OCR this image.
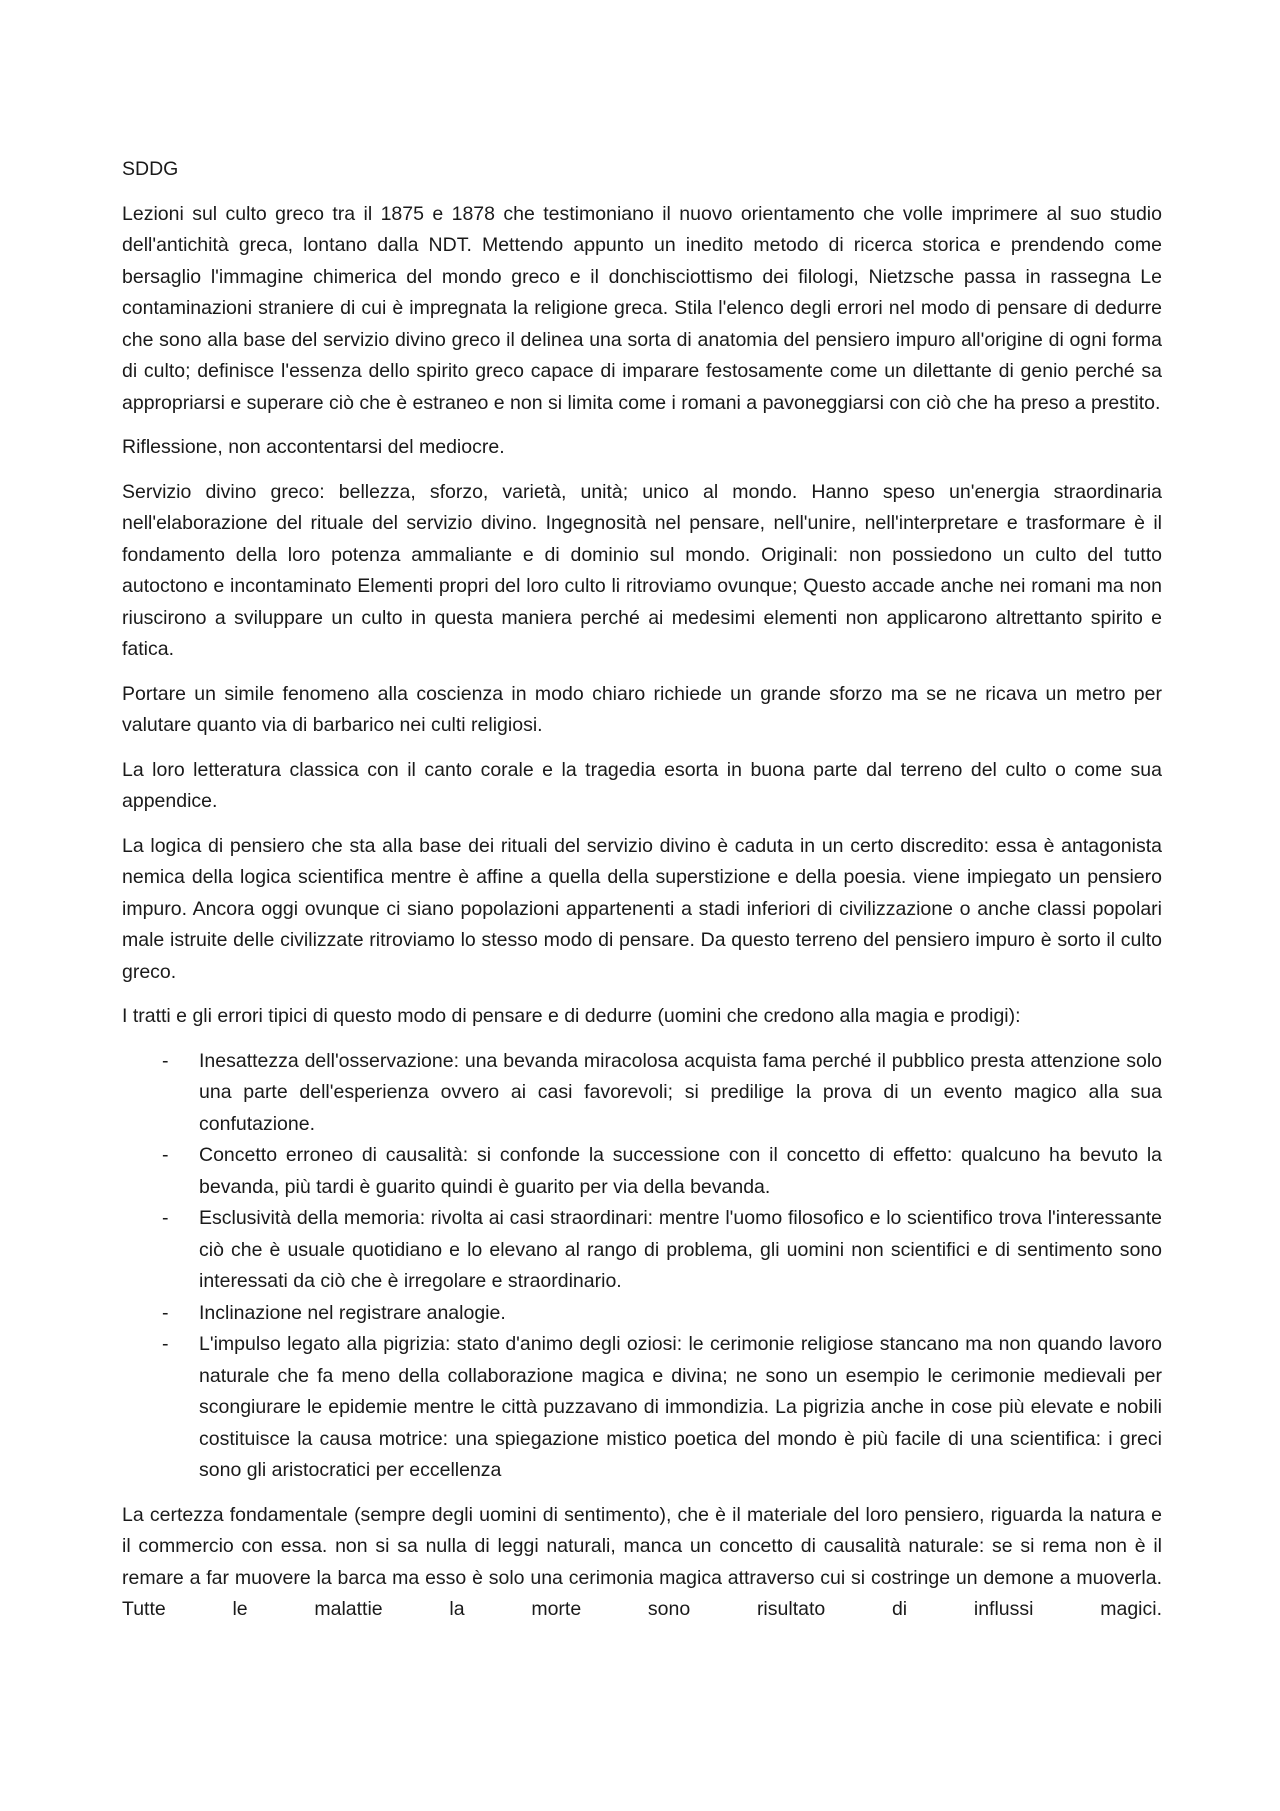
SDDG

Lezioni sul culto greco tra il 1875 e 1878 che testimoniano il nuovo orientamento che volle imprimere al suo studio dell'antichità greca, lontano dalla NDT. Mettendo appunto un inedito metodo di ricerca storica e prendendo come bersaglio l'immagine chimerica del mondo greco e il donchisciottismo dei filologi, Nietzsche passa in rassegna Le contaminazioni straniere di cui è impregnata la religione greca. Stila l'elenco degli errori nel modo di pensare di dedurre che sono alla base del servizio divino greco il delinea una sorta di anatomia del pensiero impuro all'origine di ogni forma di culto; definisce l'essenza dello spirito greco capace di imparare festosamente come un dilettante di genio perché sa appropriarsi e superare ciò che è estraneo e non si limita come i romani a pavoneggiarsi con ciò che ha preso a prestito.

Riflessione, non accontentarsi del mediocre.

Servizio divino greco: bellezza, sforzo, varietà, unità; unico al mondo. Hanno speso un'energia straordinaria nell'elaborazione del rituale del servizio divino. Ingegnosità nel pensare, nell'unire, nell'interpretare e trasformare è il fondamento della loro potenza ammaliante e di dominio sul mondo. Originali: non possiedono un culto del tutto autoctono e incontaminato Elementi propri del loro culto li ritroviamo ovunque; Questo accade anche nei romani ma non riuscirono a sviluppare un culto in questa maniera perché ai medesimi elementi non applicarono altrettanto spirito e fatica.

Portare un simile fenomeno alla coscienza in modo chiaro richiede un grande sforzo ma se ne ricava un metro per valutare quanto via di barbarico nei culti religiosi.

La loro letteratura classica con il canto corale e la tragedia esorta in buona parte dal terreno del culto o come sua appendice.

La logica di pensiero che sta alla base dei rituali del servizio divino è caduta in un certo discredito: essa è antagonista nemica della logica scientifica mentre è affine a quella della superstizione e della poesia. viene impiegato un pensiero impuro. Ancora oggi ovunque ci siano popolazioni appartenenti a stadi inferiori di civilizzazione o anche classi popolari male istruite delle civilizzate ritroviamo lo stesso modo di pensare. Da questo terreno del pensiero impuro è sorto il culto greco.

I tratti e gli errori tipici di questo modo di pensare e di dedurre (uomini che credono alla magia e prodigi):

- Inesattezza dell'osservazione: una bevanda miracolosa acquista fama perché il pubblico presta attenzione solo una parte dell'esperienza ovvero ai casi favorevoli; si predilige la prova di un evento magico alla sua confutazione.
- Concetto erroneo di causalità: si confonde la successione con il concetto di effetto: qualcuno ha bevuto la bevanda, più tardi è guarito quindi è guarito per via della bevanda.
- Esclusività della memoria: rivolta ai casi straordinari: mentre l'uomo filosofico e lo scientifico trova l'interessante ciò che è usuale quotidiano e lo elevano al rango di problema, gli uomini non scientifici e di sentimento sono interessati da ciò che è irregolare e straordinario.
- Inclinazione nel registrare analogie.
- L'impulso legato alla pigrizia: stato d'animo degli oziosi: le cerimonie religiose stancano ma non quando lavoro naturale che fa meno della collaborazione magica e divina; ne sono un esempio le cerimonie medievali per scongiurare le epidemie mentre le città puzzavano di immondizia. La pigrizia anche in cose più elevate e nobili costituisce la causa motrice: una spiegazione mistico poetica del mondo è più facile di una scientifica: i greci sono gli aristocratici per eccellenza

La certezza fondamentale (sempre degli uomini di sentimento), che è il materiale del loro pensiero, riguarda la natura e il commercio con essa. non si sa nulla di leggi naturali, manca un concetto di causalità naturale: se si rema non è il remare a far muovere la barca ma esso è solo una cerimonia magica attraverso cui si costringe un demone a muoverla. Tutte le malattie la morte sono risultato di influssi magici.
